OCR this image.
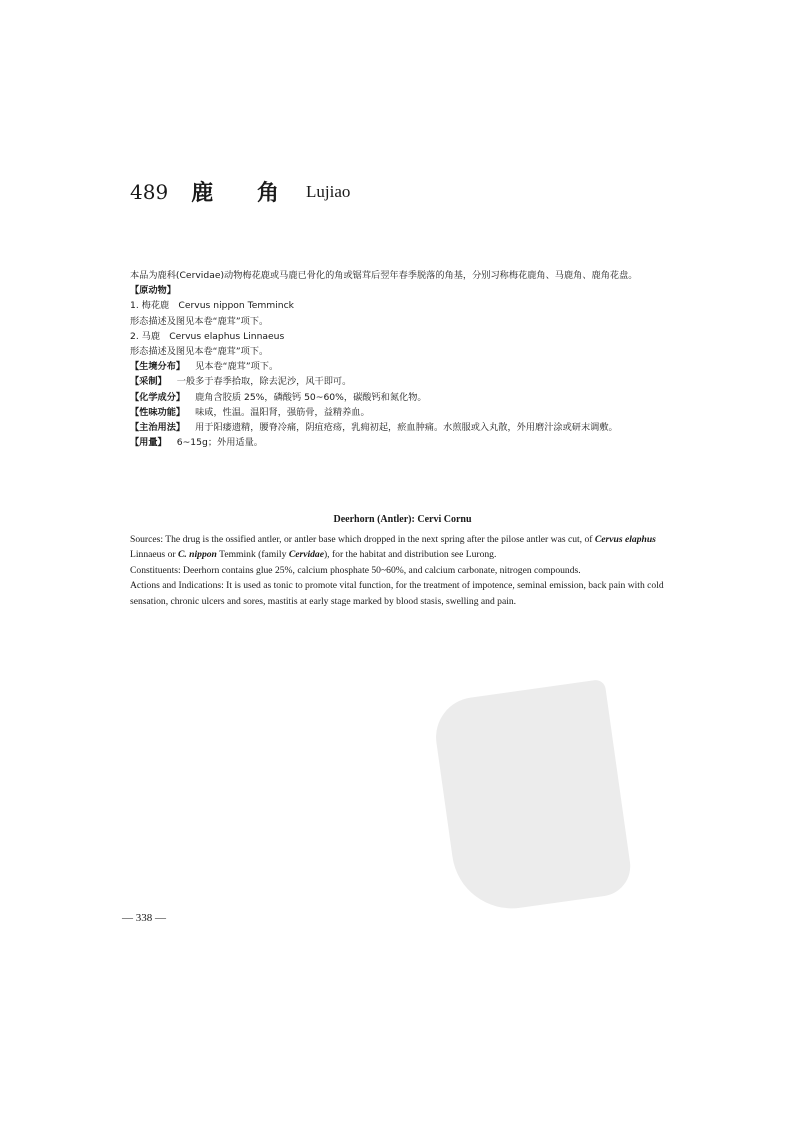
489 鹿 角 Lujiao

本品为鹿科(Cervidae)动物梅花鹿或马鹿已骨化的角或锯茸后翌年春季脱落的角基，分别习称梅花鹿角、马鹿角、鹿角花盘。

【原动物】

1. 梅花鹿　Cervus nippon Temminck

形态描述及图见本卷“鹿茸”项下。

2. 马鹿　Cervus elaphus Linnaeus

形态描述及图见本卷“鹿茸”项下。

【生境分布】 见本卷“鹿茸”项下。

【采制】 一般多于春季拾取，除去泥沙，风干即可。

【化学成分】 鹿角含胶质 25%，磷酸钙 50~60%，碳酸钙和氮化物。

【性味功能】 味咸，性温。温阳肾，强筋骨，益精养血。

【主治用法】 用于阳痿遗精，腰脊冷痛，阴疽疮疡，乳痈初起，瘀血肿痛。水煎服或入丸散，外用磨汁涂或研末调敷。

【用量】 6~15g；外用适量。

Deerhorn (Antler): Cervi Cornu

Sources: The drug is the ossified antler, or antler base which dropped in the next spring after the pilose antler was cut, of Cervus elaphus Linnaeus or C. nippon Temmink (family Cervidae), for the habitat and distribution see Lurong.

Constituents: Deerhorn contains glue 25%, calcium phosphate 50~60%, and calcium carbonate, nitrogen compounds.

Actions and Indications: It is used as tonic to promote vital function, for the treatment of impotence, seminal emission, back pain with cold sensation, chronic ulcers and sores, mastitis at early stage marked by blood stasis, swelling and pain.

— 338 —
